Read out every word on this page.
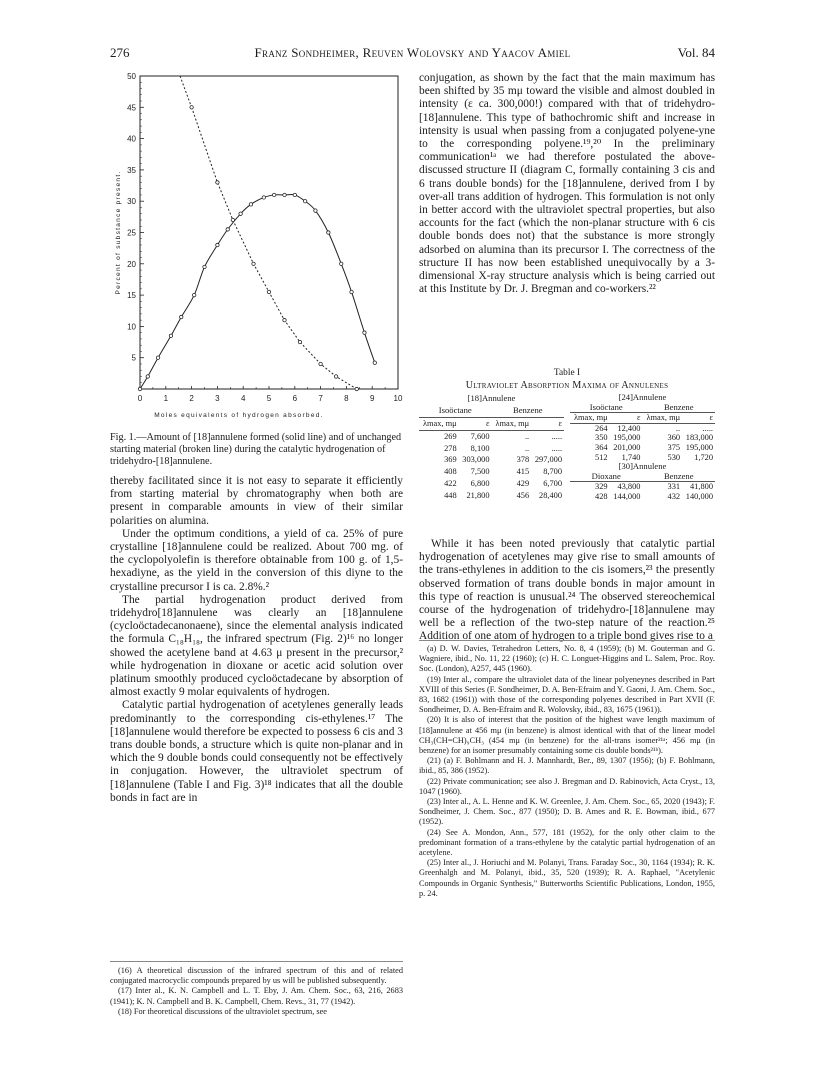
276	Franz Sondheimer, Reuven Wolovsky and Yaacov Amiel	Vol. 84
0	1	2	3	4	5	6	7	8	9 10
5
10
15
20
25
30
35
40
45
50
Moles equivalents of hydrogen absorbed.
Percent of substance present.
Fig. 1.—Amount of [18]annulene formed (solid line) and of unchanged starting material (broken line) during the catalytic hydrogenation of tridehydro-[18]annulene.

thereby facilitated since it is not easy to separate it efficiently from starting material by chromatography when both are present in comparable amounts in view of their similar polarities on alumina.

Under the optimum conditions, a yield of ca. 25% of pure crystalline [18]annulene could be realized. About 700 mg. of the cyclopolyolefin is therefore obtainable from 100 g. of 1,5-hexadiyne, as the yield in the conversion of this diyne to the crystalline precursor I is ca. 2.8%.²

The partial hydrogenation product derived from tridehydro[18]annulene was clearly an [18]annulene (cycloöctadecanonaene), since the elemental analysis indicated the formula C₁₈H₁₈, the infrared spectrum (Fig. 2)¹⁶ no longer showed the acetylene band at 4.63 μ present in the precursor,² while hydrogenation in dioxane or acetic acid solution over platinum smoothly produced cycloöctadecane by absorption of almost exactly 9 molar equivalents of hydrogen.

Catalytic partial hydrogenation of acetylenes generally leads predominantly to the corresponding cis-ethylenes.¹⁷ The [18]annulene would therefore be expected to possess 6 cis and 3 trans double bonds, a structure which is quite non-planar and in which the 9 double bonds could consequently not be effectively in conjugation. However, the ultraviolet spectrum of [18]annulene (Table I and Fig. 3)¹⁸ indicates that all the double bonds in fact are in

(16) A theoretical discussion of the infrared spectrum of this and of related conjugated macrocyclic compounds prepared by us will be published subsequently.
(17) Inter al., K. N. Campbell and L. T. Eby, J. Am. Chem. Soc., 63, 216, 2683 (1941); K. N. Campbell and B. K. Campbell, Chem. Revs., 31, 77 (1942).
(18) For theoretical discussions of the ultraviolet spectrum, see

conjugation, as shown by the fact that the main maximum has been shifted by 35 mμ toward the visible and almost doubled in intensity (ε ca. 300,000!) compared with that of tridehydro-[18]annulene. This type of bathochromic shift and increase in intensity is usual when passing from a conjugated polyene-yne to the corresponding polyene.¹⁹,²⁰ In the preliminary communication¹ᵃ we had therefore postulated the above-discussed structure II (diagram C, formally containing 3 cis and 6 trans double bonds) for the [18]annulene, derived from I by over-all trans addition of hydrogen. This formulation is not only in better accord with the ultraviolet spectral properties, but also accounts for the fact (which the non-planar structure with 6 cis double bonds does not) that the substance is more strongly adsorbed on alumina than its precursor I. The correctness of the structure II has now been established unequivocally by a 3-dimensional X-ray structure analysis which is being carried out at this Institute by Dr. J. Bregman and co-workers.²²

Table I
Ultraviolet Absorption Maxima of Annulenes
[18]Annulene			
Isoöctane		Benzene	
λmax, mμ	ε	λmax, mμ	ε
269	7,600	..	.....
278	8,100	..	.....
369	303,000	378	297,000
408	7,500	415	8,700
422	6,800	429	6,700
448	21,800	456	28,400
[24]Annulene			
Isoöctane		Benzene	
λmax, mμ	ε	λmax, mμ	ε
264	12,400	..	.....
350	195,000	360	183,000
364	201,000	375	195,000
512	1,740	530	1,720
[30]Annulene			
Dioxane		Benzene	
329	43,800	331	41,800
428	144,000	432	140,000

While it has been noted previously that catalytic partial hydrogenation of acetylenes may give rise to small amounts of the trans-ethylenes in addition to the cis isomers,²³ the presently observed formation of trans double bonds in major amount in this type of reaction is unusual.²⁴ The observed stereochemical course of the hydrogenation of tridehydro-[18]annulene may well be a reflection of the two-step nature of the reaction.²⁵ Addition of one atom of hydrogen to a triple bond gives rise to a

(a) D. W. Davies, Tetrahedron Letters, No. 8, 4 (1959); (b) M. Gouterman and G. Wagniere, ibid., No. 11, 22 (1960); (c) H. C. Longuet-Higgins and L. Salem, Proc. Roy. Soc. (London), A257, 445 (1960).
(19) Inter al., compare the ultraviolet data of the linear polyeneynes described in Part XVIII of this Series (F. Sondheimer, D. A. Ben-Efraim and Y. Gaoni, J. Am. Chem. Soc., 83, 1682 (1961)) with those of the corresponding polyenes described in Part XVII (F. Sondheimer, D. A. Ben-Efraim and R. Wolovsky, ibid., 83, 1675 (1961)).
(20) It is also of interest that the position of the highest wave length maximum of [18]annulene at 456 mμ (in benzene) is almost identical with that of the linear model CH₃(CH=CH)₉CH₃ (454 mμ (in benzene) for the all-trans isomer²¹ᵃ; 456 mμ (in benzene) for an isomer presumably containing some cis double bonds²¹ᵇ).
(21) (a) F. Bohlmann and H. J. Mannhardt, Ber., 89, 1307 (1956); (b) F. Bohlmann, ibid., 85, 386 (1952).
(22) Private communication; see also J. Bregman and D. Rabinovich, Acta Cryst., 13, 1047 (1960).
(23) Inter al., A. L. Henne and K. W. Greenlee, J. Am. Chem. Soc., 65, 2020 (1943); F. Sondheimer, J. Chem. Soc., 877 (1950); D. B. Ames and R. E. Bowman, ibid., 677 (1952).
(24) See A. Mondon, Ann., 577, 181 (1952), for the only other claim to the predominant formation of a trans-ethylene by the catalytic partial hydrogenation of an acetylene.
(25) Inter al., J. Horiuchi and M. Polanyi, Trans. Faraday Soc., 30, 1164 (1934); R. K. Greenhalgh and M. Polanyi, ibid., 35, 520 (1939); R. A. Raphael, "Acetylenic Compounds in Organic Synthesis," Butterworths Scientific Publications, London, 1955, p. 24.
